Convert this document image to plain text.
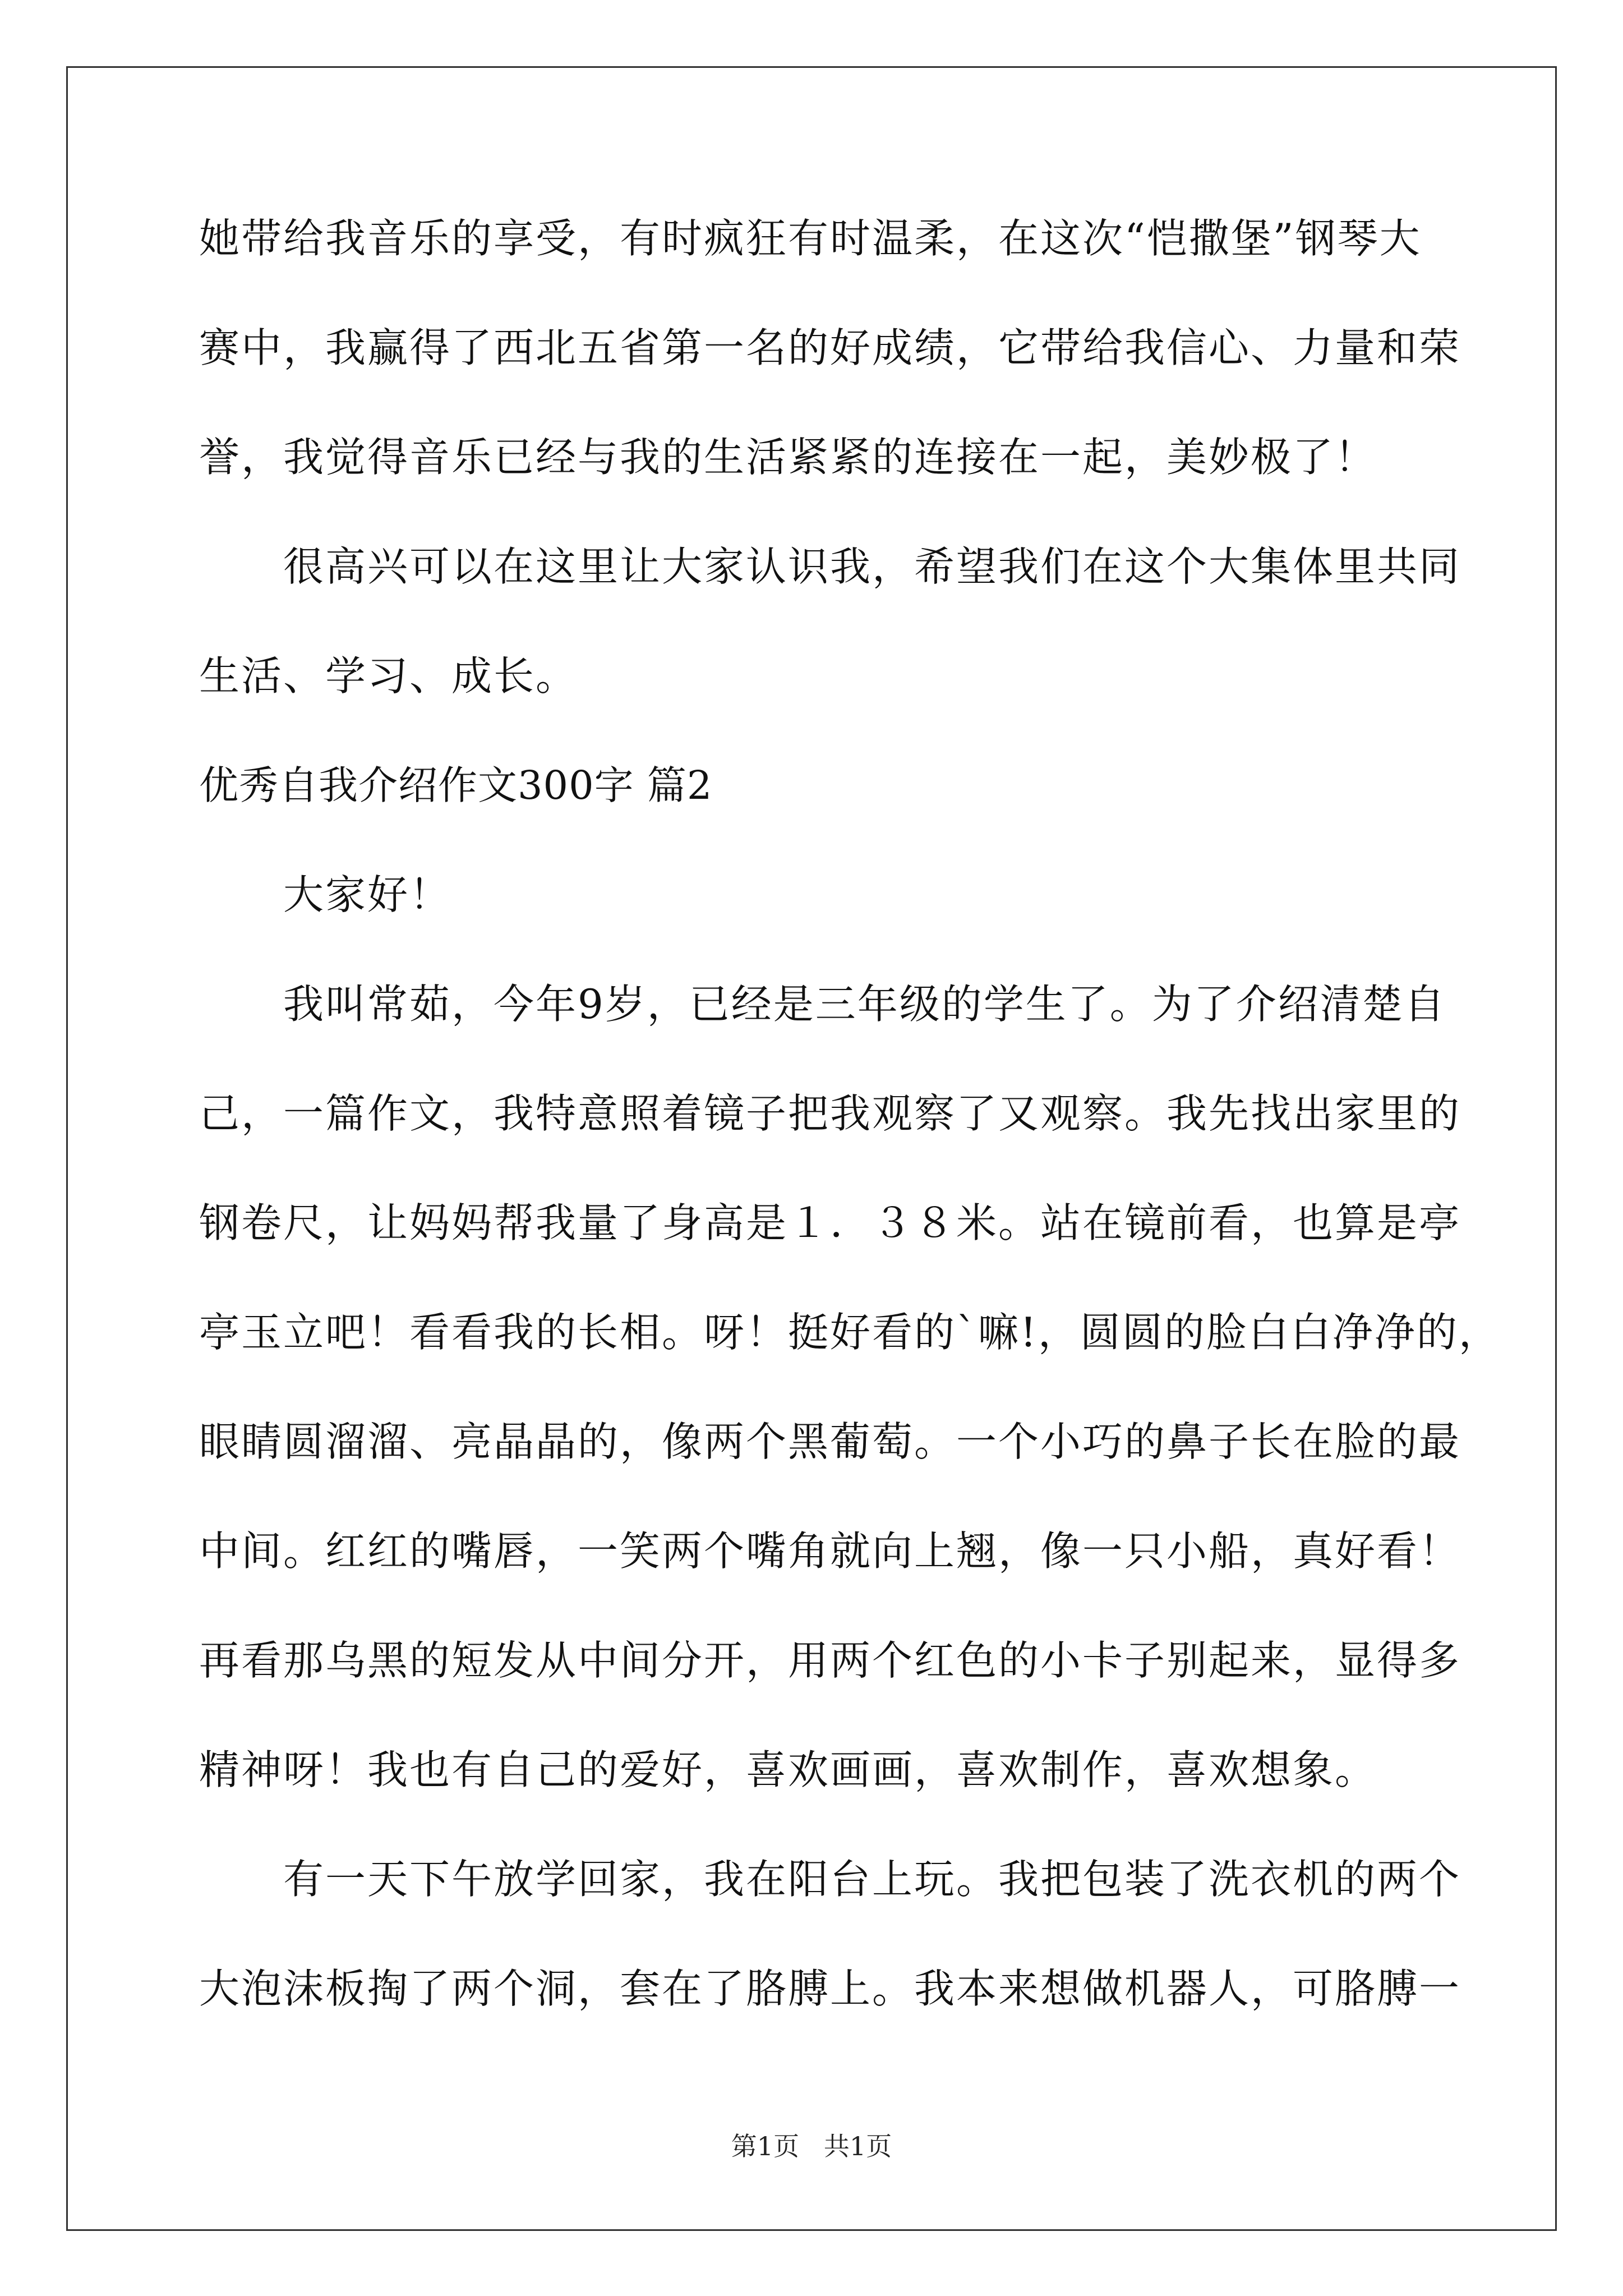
她带给我音乐的享受，有时疯狂有时温柔，在这次“恺撒堡”钢琴大
赛中，我赢得了西北五省第一名的好成绩，它带给我信心、力量和荣
誉，我觉得音乐已经与我的生活紧紧的连接在一起，美妙极了！
很高兴可以在这里让大家认识我，希望我们在这个大集体里共同
生活、学习、成长。
优秀自我介绍作文300字 篇2
大家好！
我叫常茹，今年9岁，已经是三年级的学生了。为了介绍清楚自
己，一篇作文，我特意照着镜子把我观察了又观察。我先找出家里的
钢卷尺，让妈妈帮我量了身高是１．３８米。站在镜前看，也算是亭
亭玉立吧！看看我的长相。呀！挺好看的`嘛!，圆圆的脸白白净净的，
眼睛圆溜溜、亮晶晶的，像两个黑葡萄。一个小巧的鼻子长在脸的最
中间。红红的嘴唇，一笑两个嘴角就向上翘，像一只小船，真好看！
再看那乌黑的短发从中间分开，用两个红色的小卡子别起来，显得多
精神呀！我也有自己的爱好，喜欢画画，喜欢制作，喜欢想象。
有一天下午放学回家，我在阳台上玩。我把包装了洗衣机的两个
大泡沫板掏了两个洞，套在了胳膊上。我本来想做机器人，可胳膊一
第1页   共1页
